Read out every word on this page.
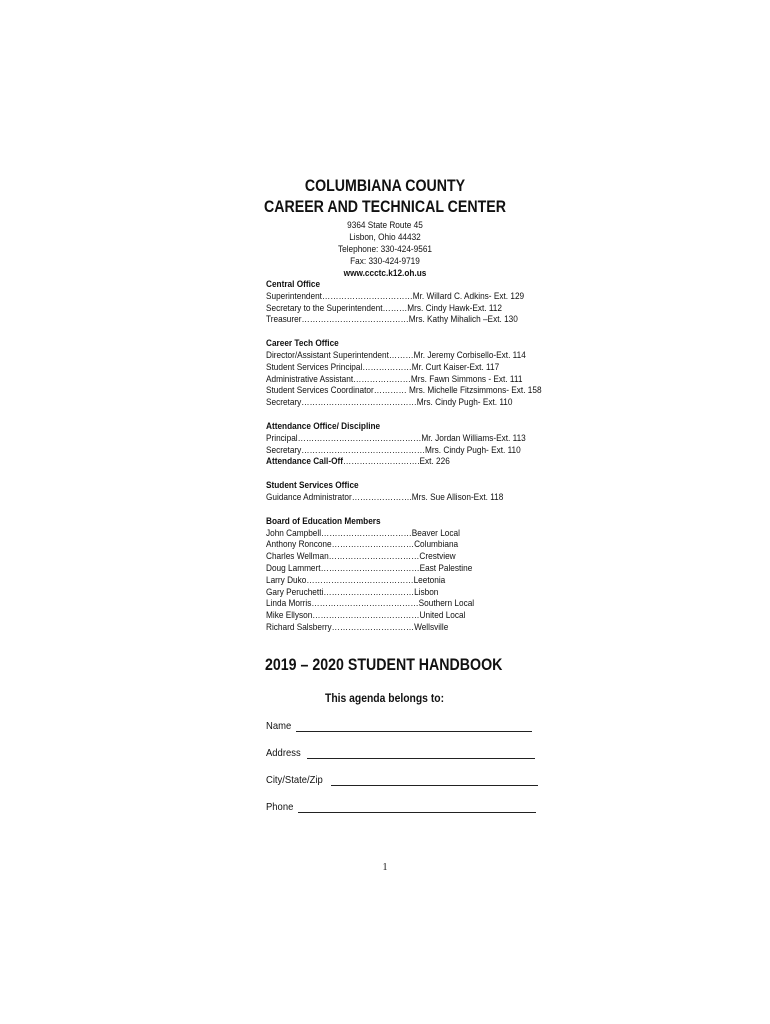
COLUMBIANA COUNTY
CAREER AND TECHNICAL CENTER
9364 State Route 45
Lisbon, Ohio 44432
Telephone: 330-424-9561
Fax: 330-424-9719
www.ccctc.k12.oh.us
Central Office
Superintendent……………………………Mr. Willard C. Adkins- Ext. 129
Secretary to the Superintendent………Mrs. Cindy Hawk-Ext. 112
Treasurer…………………………………Mrs. Kathy Mihalich –Ext. 130
Career Tech Office
Director/Assistant Superintendent………Mr. Jeremy Corbisello-Ext. 114
Student Services Principal………………Mr. Curt Kaiser-Ext. 117
Administrative Assistant…………………Mrs. Fawn Simmons - Ext. 111
Student Services Coordinator………… Mrs. Michelle Fitzsimmons- Ext. 158
Secretary……………………………………Mrs. Cindy Pugh- Ext. 110
Attendance Office/ Discipline
Principal………………………………………Mr. Jordan Williams-Ext. 113
Secretary………………………………………Mrs. Cindy Pugh- Ext. 110
Attendance Call-Off……………………….Ext. 226
Student Services Office
Guidance Administrator………………….Mrs. Sue Allison-Ext. 118
Board of Education Members
John Campbell……………………………Beaver Local
Anthony Roncone…………………………Columbiana
Charles Wellman……………………………Crestview
Doug Lammert………………………………East Palestine
Larry Duko…………………………………Leetonia
Gary Peruchetti……………………………Lisbon
Linda Morris…………………………………Southern Local
Mike Ellyson…………………………………United Local
Richard Salsberry…………………………Wellsville
2019 – 2020 STUDENT HANDBOOK
This agenda belongs to:
Name
Address
City/State/Zip
Phone
1
